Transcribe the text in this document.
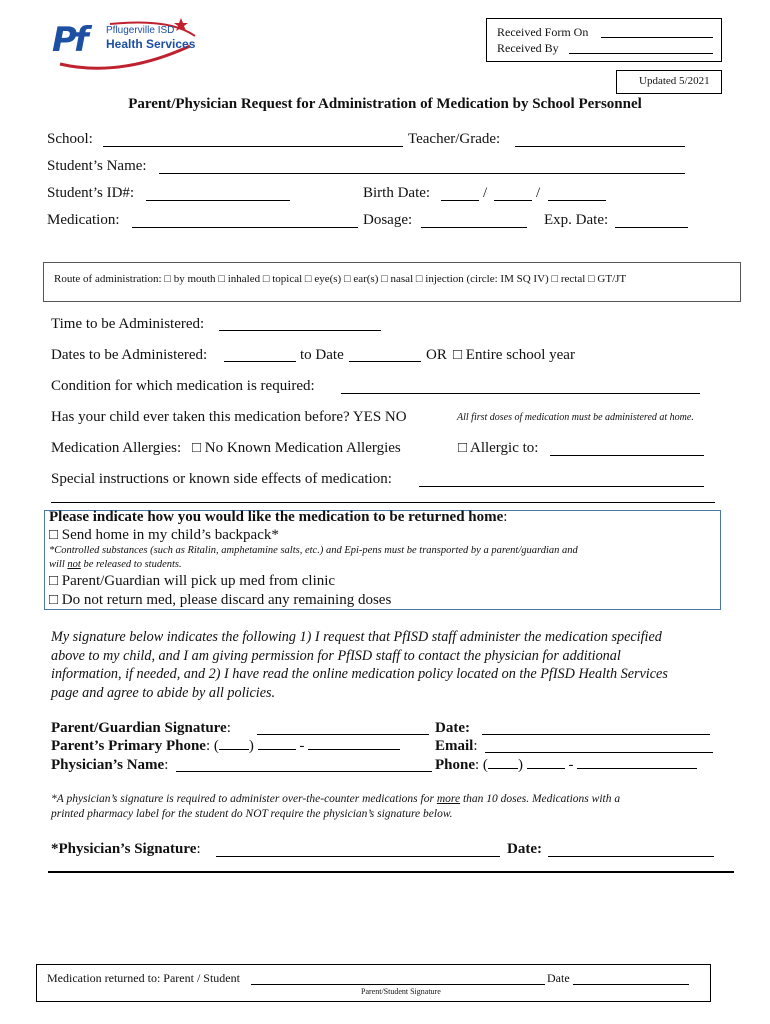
Pf Pflugerville ISD
Health Services
Received Form On
Received By
Updated 5/2021
Parent/Physician Request for Administration of Medication by School Personnel
School:	Teacher/Grade:
Student’s Name:
Student’s ID#:	Birth Date:	/	/
Medication:	Dosage:	Exp. Date:
Route of administration: □ by mouth □ inhaled □ topical □ eye(s) □ ear(s) □ nasal □ injection (circle: IM SQ IV) □ rectal □ GT/JT
Time to be Administered:
Dates to be Administered:	to Date	OR □ Entire school year
Condition for which medication is required:
Has your child ever taken this medication before? YES NO	All first doses of medication must be administered at home.
Medication Allergies: □ No Known Medication Allergies	□ Allergic to:
Special instructions or known side effects of medication:
Please indicate how you would like the medication to be returned home:
□ Send home in my child’s backpack*
*Controlled substances (such as Ritalin, amphetamine salts, etc.) and Epi-pens must be transported by a parent/guardian and
will not be released to students.
□ Parent/Guardian will pick up med from clinic
□ Do not return med, please discard any remaining doses
My signature below indicates the following 1) I request that PfISD staff administer the medication specified
above to my child, and I am giving permission for PfISD staff to contact the physician for additional
information, if needed, and 2) I have read the online medication policy located on the PfISD Health Services
page and agree to abide by all policies.
Parent/Guardian Signature:	Date:
Parent’s Primary Phone: ( )	-	Email:
Physician’s Name:	Phone: ( )	-
*A physician’s signature is required to administer over-the-counter medications for more than 10 doses. Medications with a
printed pharmacy label for the student do NOT require the physician’s signature below.
*Physician’s Signature:	Date:
Medication returned to: Parent / Student	Date
Parent/Student Signature
